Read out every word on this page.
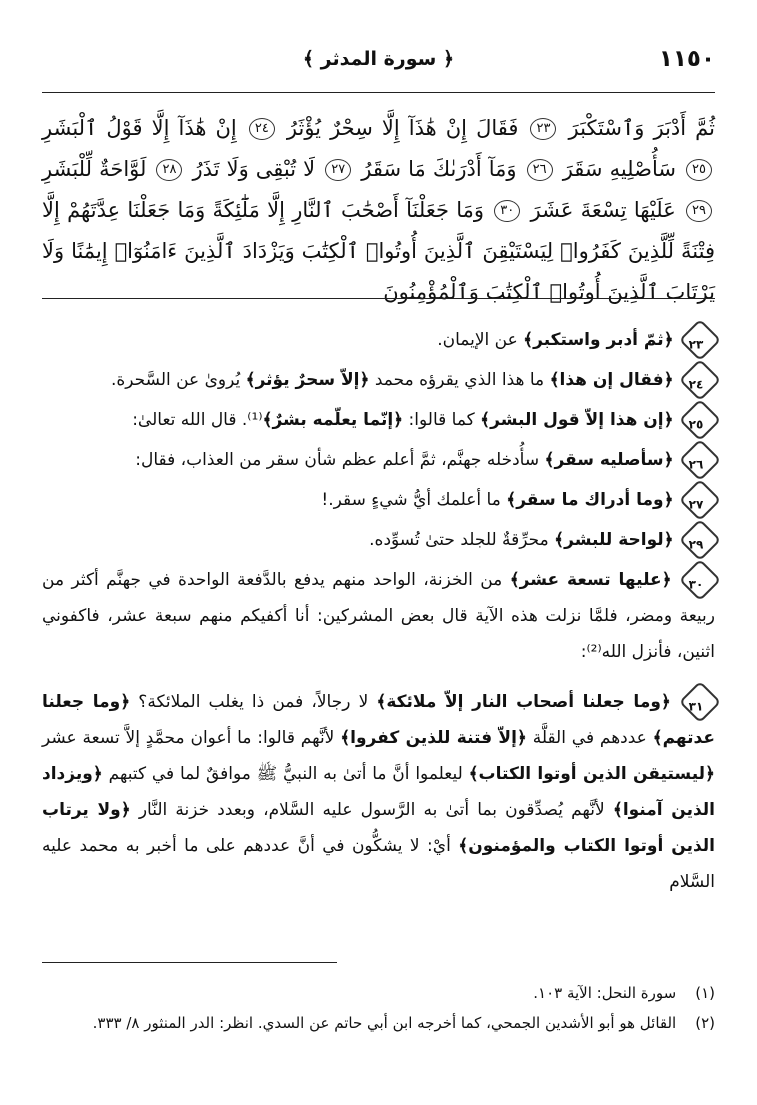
١١٥٠
﴿ سورة المدثر ﴾
ثُمَّ أَدْبَرَ وَٱسْتَكْبَرَ ٢٣ فَقَالَ إِنْ هَٰذَآ إِلَّا سِحْرٌ يُؤْثَرُ ٢٤ إِنْ هَٰذَآ إِلَّا قَوْلُ ٱلْبَشَرِ ٢٥ سَأُصْلِيهِ سَقَرَ ٢٦ وَمَآ أَدْرَىٰكَ مَا سَقَرُ ٢٧ لَا تُبْقِى وَلَا تَذَرُ ٢٨ لَوَّاحَةٌ لِّلْبَشَرِ ٢٩ عَلَيْهَا تِسْعَةَ عَشَرَ ٣٠ وَمَا جَعَلْنَآ أَصْحَٰبَ ٱلنَّارِ إِلَّا مَلَٰٓئِكَةً وَمَا جَعَلْنَا عِدَّتَهُمْ إِلَّا فِتْنَةً لِّلَّذِينَ كَفَرُوا۟ لِيَسْتَيْقِنَ ٱلَّذِينَ أُوتُوا۟ ٱلْكِتَٰبَ وَيَزْدَادَ ٱلَّذِينَ ءَامَنُوٓا۟ إِيمَٰنًا وَلَا يَرْتَابَ ٱلَّذِينَ أُوتُوا۟ ٱلْكِتَٰبَ وَٱلْمُؤْمِنُونَ
٢٣ ﴿ثمّ أدبر واستكبر﴾ عن الإيمان.
٢٤ ﴿فقال إن هذا﴾ ما هذا الذي يقرؤه محمد ﴿إلاّ سحرٌ يؤثر﴾ يُروىٰ عن السَّحرة.
٢٥ ﴿إن هذا إلاّ قول البشر﴾ كما قالوا: ﴿إنّما يعلّمه بشرٌ﴾⁽¹⁾. قال الله تعالىٰ:
٢٦ ﴿سأصليه سقر﴾ سأُدخله جهنَّم، ثمَّ أعلم عظم شأن سقر من العذاب، فقال:
٢٧ ﴿وما أدراك ما سقر﴾ ما أعلمك أيُّ شيءٍ سقر.!
٢٩ ﴿لواحة للبشر﴾ محرِّقةٌ للجلد حتىٰ تُسوِّده.
٣٠ ﴿عليها تسعة عشر﴾ من الخزنة، الواحد منهم يدفع بالدَّفعة الواحدة في جهنَّم أكثر من ربيعة ومضر، فلمَّا نزلت هذه الآية قال بعض المشركين: أنا أكفيكم منهم سبعة عشر، فاكفوني اثنين، فأنزل الله⁽²⁾:
٣١ ﴿وما جعلنا أصحاب النار إلاّ ملائكة﴾ لا رجالاً، فمن ذا يغلب الملائكة؟ ﴿وما جعلنا عدتهم﴾ عددهم في القلَّة ﴿إلاّ فتنة للذين كفروا﴾ لأنَّهم قالوا: ما أعوان محمَّدٍ إلاَّ تسعة عشر ﴿ليستيقن الذين أوتوا الكتاب﴾ ليعلموا أنَّ ما أتىٰ به النبيُّ ﷺ موافقٌ لما في كتبهم ﴿ويزداد الذين آمنوا﴾ لأنَّهم يُصدِّقون بما أتىٰ به الرَّسول عليه السَّلام، وبعدد خزنة النَّار ﴿ولا يرتاب الذين أوتوا الكتاب والمؤمنون﴾ أيْ: لا يشكُّون في أنَّ عددهم على ما أخبر به محمد عليه السَّلام
(١) سورة النحل: الآية ١٠٣.
(٢) القائل هو أبو الأشدين الجمحي، كما أخرجه ابن أبي حاتم عن السدي. انظر: الدر المنثور ٨/ ٣٣٣.
